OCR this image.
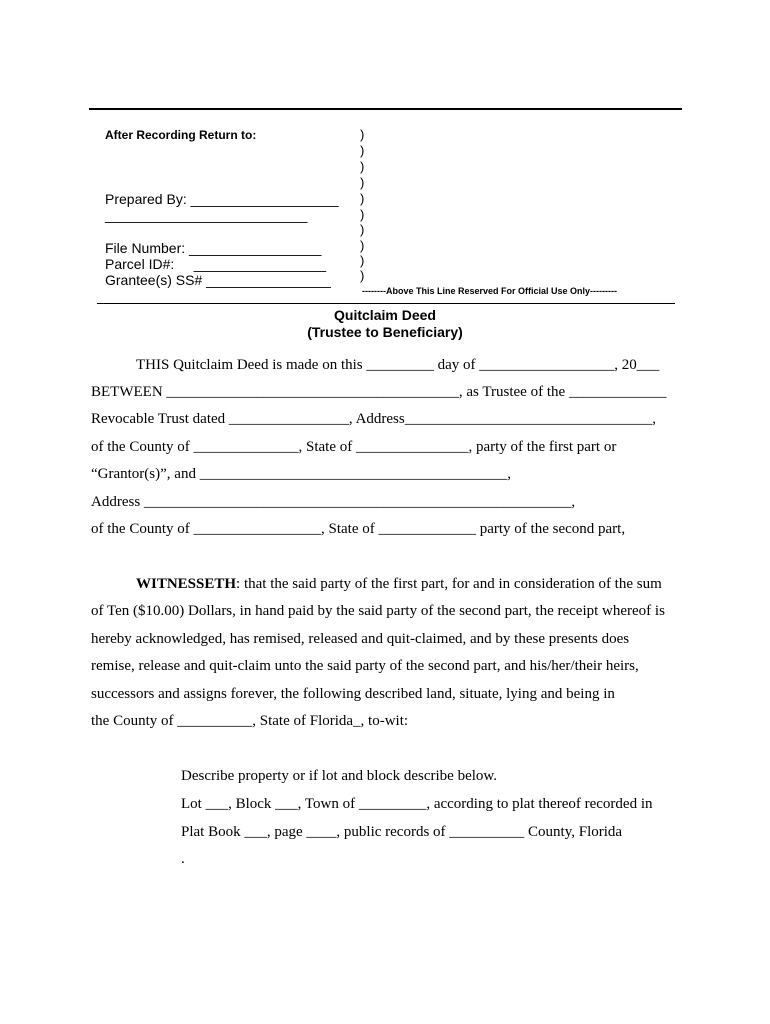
After Recording Return to:
Prepared By: ___________________
__________________________
File Number: _________________
Parcel ID#:     _________________
Grantee(s) SS# ________________
)
)
)
)
)
)
)
)
)
)
--------Above This Line Reserved For Official Use Only---------
Quitclaim Deed
(Trustee to Beneficiary)
THIS Quitclaim Deed is made on this _________ day of __________________, 20___
BETWEEN _______________________________________, as Trustee of the _____________
Revocable Trust dated ________________, Address_________________________________,
of the County of ______________, State of _______________, party of the first part or
“Grantor(s)”, and _________________________________________,
Address _________________________________________________________,
of the County of _________________, State of _____________ party of the second part,
WITNESSETH: that the said party of the first part, for and in consideration of the sum
of Ten ($10.00) Dollars, in hand paid by the said party of the second part, the receipt whereof is
hereby acknowledged, has remised, released and quit-claimed, and by these presents does
remise, release and quit-claim unto the said party of the second part, and his/her/their heirs,
successors and assigns forever, the following described land, situate, lying and being in
the County of __________, State of Florida_, to-wit:
Describe property or if lot and block describe below.
Lot ___, Block ___, Town of _________, according to plat thereof recorded in
Plat Book ___, page ____, public records of __________ County, Florida
.
